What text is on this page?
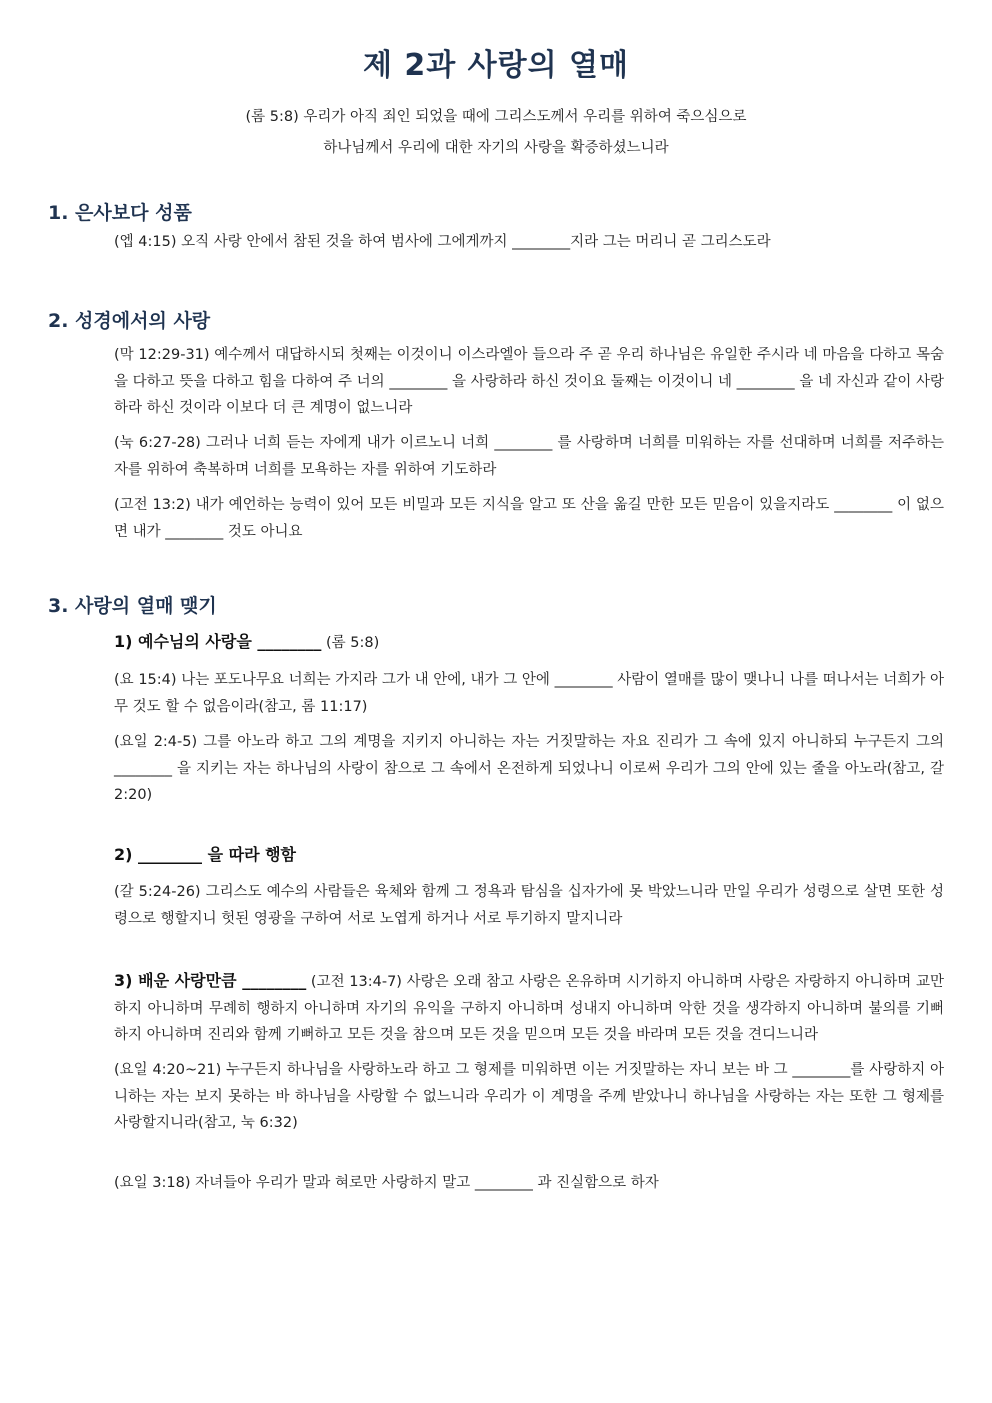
제 2과 사랑의 열매
(롬 5:8) 우리가 아직 죄인 되었을 때에 그리스도께서 우리를 위하여 죽으심으로
하나님께서 우리에 대한 자기의 사랑을 확증하셨느니라
1. 은사보다 성품
(엡 4:15) 오직 사랑 안에서 참된 것을 하여 범사에 그에게까지 ________지라 그는 머리니 곧 그리스도라
2. 성경에서의 사랑
(막 12:29-31) 예수께서 대답하시되 첫째는 이것이니 이스라엘아 들으라 주 곧 우리 하나님은 유일한 주시라 네 마음을 다하고 목숨을 다하고 뜻을 다하고 힘을 다하여 주 너의 ________ 을 사랑하라 하신 것이요 둘째는 이것이니 네 ________ 을 네 자신과 같이 사랑하라 하신 것이라 이보다 더 큰 계명이 없느니라
(눅 6:27-28) 그러나 너희 듣는 자에게 내가 이르노니 너희 ________ 를 사랑하며 너희를 미워하는 자를 선대하며 너희를 저주하는 자를 위하여 축복하며 너희를 모욕하는 자를 위하여 기도하라
(고전 13:2) 내가 예언하는 능력이 있어 모든 비밀과 모든 지식을 알고 또 산을 옮길 만한 모든 믿음이 있을지라도 ________ 이 없으면 내가 ________ 것도 아니요
3. 사랑의 열매 맺기
1) 예수님의 사랑을 ________ (롬 5:8)
(요 15:4) 나는 포도나무요 너희는 가지라 그가 내 안에, 내가 그 안에 ________ 사람이 열매를 많이 맺나니 나를 떠나서는 너희가 아무 것도 할 수 없음이라(참고, 롬 11:17)
(요일 2:4-5) 그를 아노라 하고 그의 계명을 지키지 아니하는 자는 거짓말하는 자요 진리가 그 속에 있지 아니하되 누구든지 그의 ________ 을 지키는 자는 하나님의 사랑이 참으로 그 속에서 온전하게 되었나니 이로써 우리가 그의 안에 있는 줄을 아노라(참고, 갈 2:20)
2) ________ 을 따라 행함
(갈 5:24-26) 그리스도 예수의 사람들은 육체와 함께 그 정욕과 탐심을 십자가에 못 박았느니라 만일 우리가 성령으로 살면 또한 성령으로 행할지니 헛된 영광을 구하여 서로 노엽게 하거나 서로 투기하지 말지니라
3) 배운 사랑만큼 ________ (고전 13:4-7) 사랑은 오래 참고 사랑은 온유하며 시기하지 아니하며 사랑은 자랑하지 아니하며 교만하지 아니하며 무례히 행하지 아니하며 자기의 유익을 구하지 아니하며 성내지 아니하며 악한 것을 생각하지 아니하며 불의를 기뻐하지 아니하며 진리와 함께 기뻐하고 모든 것을 참으며 모든 것을 믿으며 모든 것을 바라며 모든 것을 견디느니라
(요일 4:20~21) 누구든지 하나님을 사랑하노라 하고 그 형제를 미워하면 이는 거짓말하는 자니 보는 바 그 ________를 사랑하지 아니하는 자는 보지 못하는 바 하나님을 사랑할 수 없느니라 우리가 이 계명을 주께 받았나니 하나님을 사랑하는 자는 또한 그 형제를 사랑할지니라(참고, 눅 6:32)
(요일 3:18) 자녀들아 우리가 말과 혀로만 사랑하지 말고 ________ 과 진실함으로 하자
